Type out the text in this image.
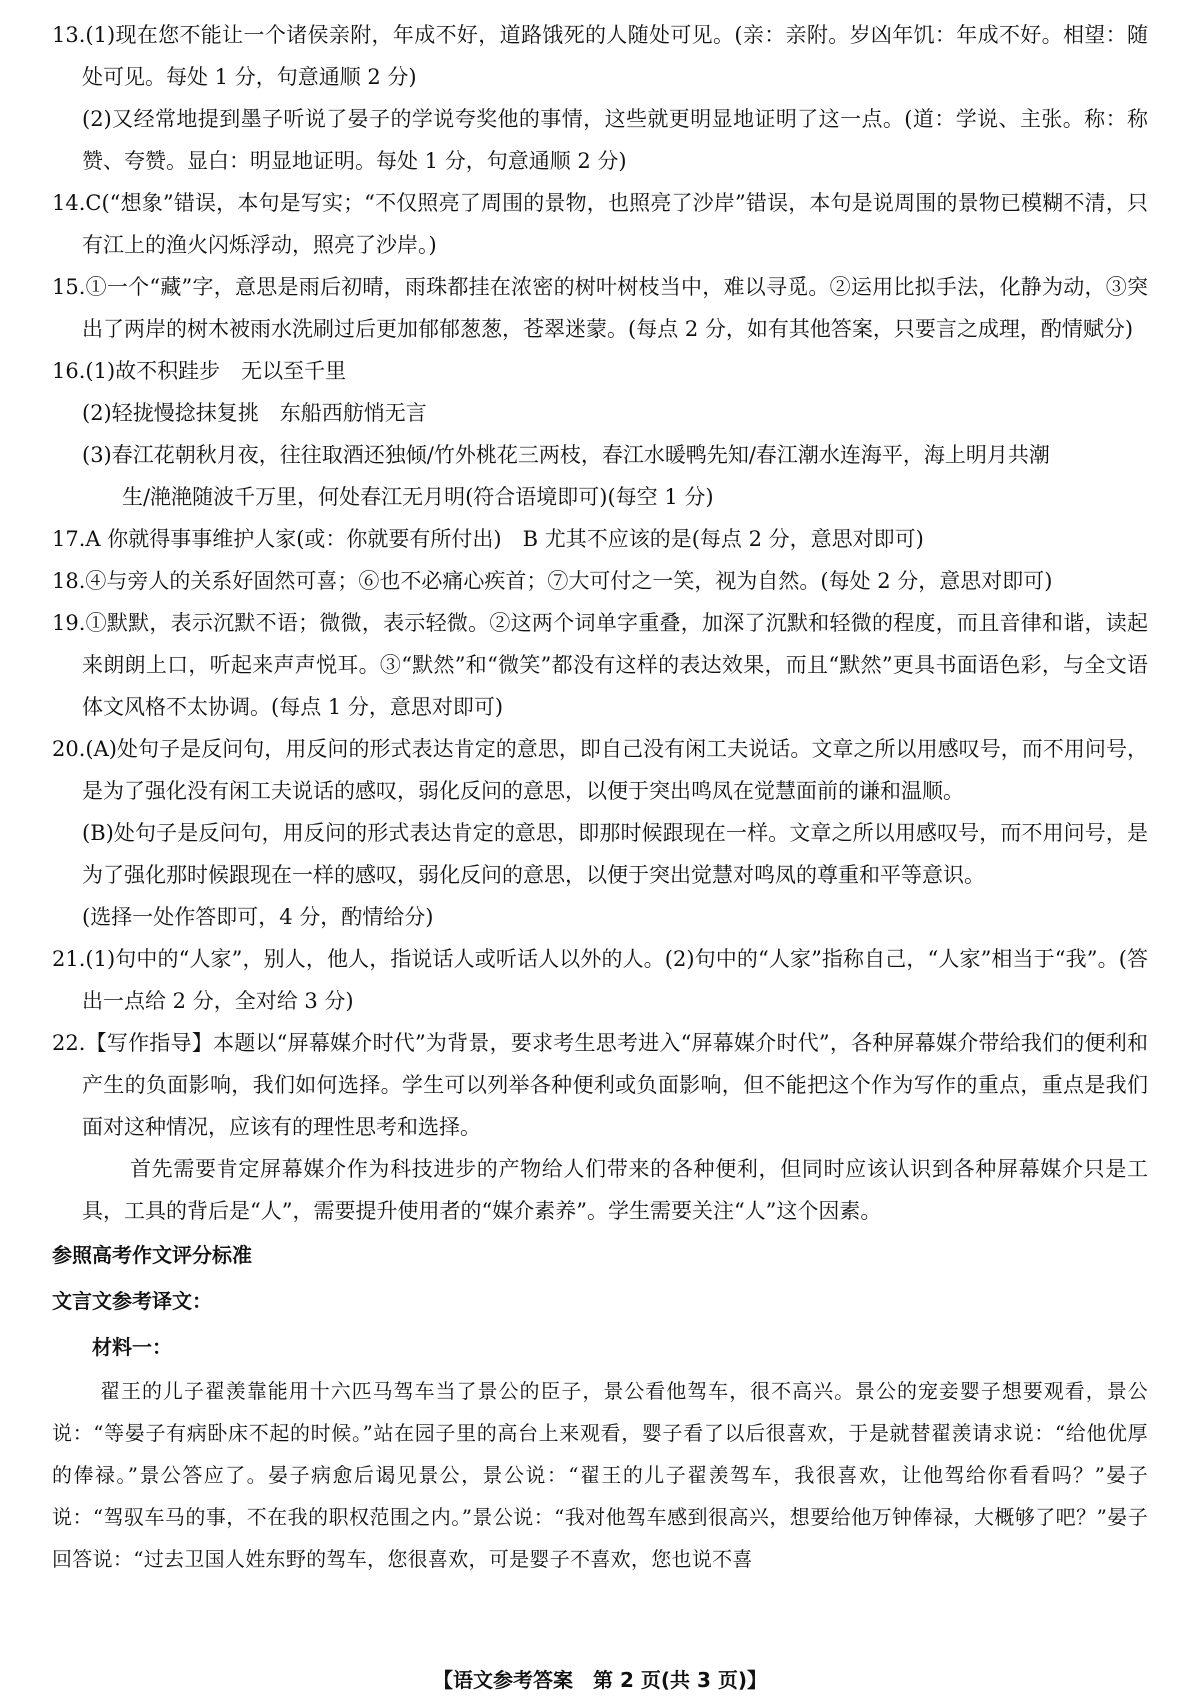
13.(1)现在您不能让一个诸侯亲附，年成不好，道路饿死的人随处可见。(亲：亲附。岁凶年饥：年成不好。相望：随处可见。每处 1 分，句意通顺 2 分)

(2)又经常地提到墨子听说了晏子的学说夸奖他的事情，这些就更明显地证明了这一点。(道：学说、主张。称：称赞、夸赞。显白：明显地证明。每处 1 分，句意通顺 2 分)

14.C(“想象”错误，本句是写实；“不仅照亮了周围的景物，也照亮了沙岸”错误，本句是说周围的景物已模糊不清，只有江上的渔火闪烁浮动，照亮了沙岸。)

15.①一个“藏”字，意思是雨后初晴，雨珠都挂在浓密的树叶树枝当中，难以寻觅。②运用比拟手法，化静为动，③突出了两岸的树木被雨水洗刷过后更加郁郁葱葱，苍翠迷蒙。(每点 2 分，如有其他答案，只要言之成理，酌情赋分)

16.(1)故不积跬步　无以至千里

(2)轻拢慢捻抹复挑　东船西舫悄无言

(3)春江花朝秋月夜，往往取酒还独倾/竹外桃花三两枝，春江水暖鸭先知/春江潮水连海平，海上明月共潮

生/滟滟随波千万里，何处春江无月明(符合语境即可)(每空 1 分)

17.A 你就得事事维护人家(或：你就要有所付出)　B 尤其不应该的是(每点 2 分，意思对即可)

18.④与旁人的关系好固然可喜；⑥也不必痛心疾首；⑦大可付之一笑，视为自然。(每处 2 分，意思对即可)

19.①默默，表示沉默不语；微微，表示轻微。②这两个词单字重叠，加深了沉默和轻微的程度，而且音律和谐，读起来朗朗上口，听起来声声悦耳。③“默然”和“微笑”都没有这样的表达效果，而且“默然”更具书面语色彩，与全文语体文风格不太协调。(每点 1 分，意思对即可)

20.(A)处句子是反问句，用反问的形式表达肯定的意思，即自己没有闲工夫说话。文章之所以用感叹号，而不用问号，是为了强化没有闲工夫说话的感叹，弱化反问的意思，以便于突出鸣凤在觉慧面前的谦和温顺。

(B)处句子是反问句，用反问的形式表达肯定的意思，即那时候跟现在一样。文章之所以用感叹号，而不用问号，是为了强化那时候跟现在一样的感叹，弱化反问的意思，以便于突出觉慧对鸣凤的尊重和平等意识。

(选择一处作答即可，4 分，酌情给分)

21.(1)句中的“人家”，别人，他人，指说话人或听话人以外的人。(2)句中的“人家”指称自己，“人家”相当于“我”。(答出一点给 2 分，全对给 3 分)

22.【写作指导】本题以“屏幕媒介时代”为背景，要求考生思考进入“屏幕媒介时代”，各种屏幕媒介带给我们的便利和产生的负面影响，我们如何选择。学生可以列举各种便利或负面影响，但不能把这个作为写作的重点，重点是我们面对这种情况，应该有的理性思考和选择。

首先需要肯定屏幕媒介作为科技进步的产物给人们带来的各种便利，但同时应该认识到各种屏幕媒介只是工具，工具的背后是“人”，需要提升使用者的“媒介素养”。学生需要关注“人”这个因素。

参照高考作文评分标准
文言文参考译文：
材料一：

翟王的儿子翟羡靠能用十六匹马驾车当了景公的臣子，景公看他驾车，很不高兴。景公的宠妾婴子想要观看，景公说：“等晏子有病卧床不起的时候。”站在园子里的高台上来观看，婴子看了以后很喜欢，于是就替翟羡请求说：“给他优厚的俸禄。”景公答应了。晏子病愈后谒见景公，景公说：“翟王的儿子翟羡驾车，我很喜欢，让他驾给你看看吗？”晏子说：“驾驭车马的事，不在我的职权范围之内。”景公说：“我对他驾车感到很高兴，想要给他万钟俸禄，大概够了吧？”晏子回答说：“过去卫国人姓东野的驾车，您很喜欢，可是婴子不喜欢，您也说不喜

【语文参考答案　第 2 页(共 3 页)】
